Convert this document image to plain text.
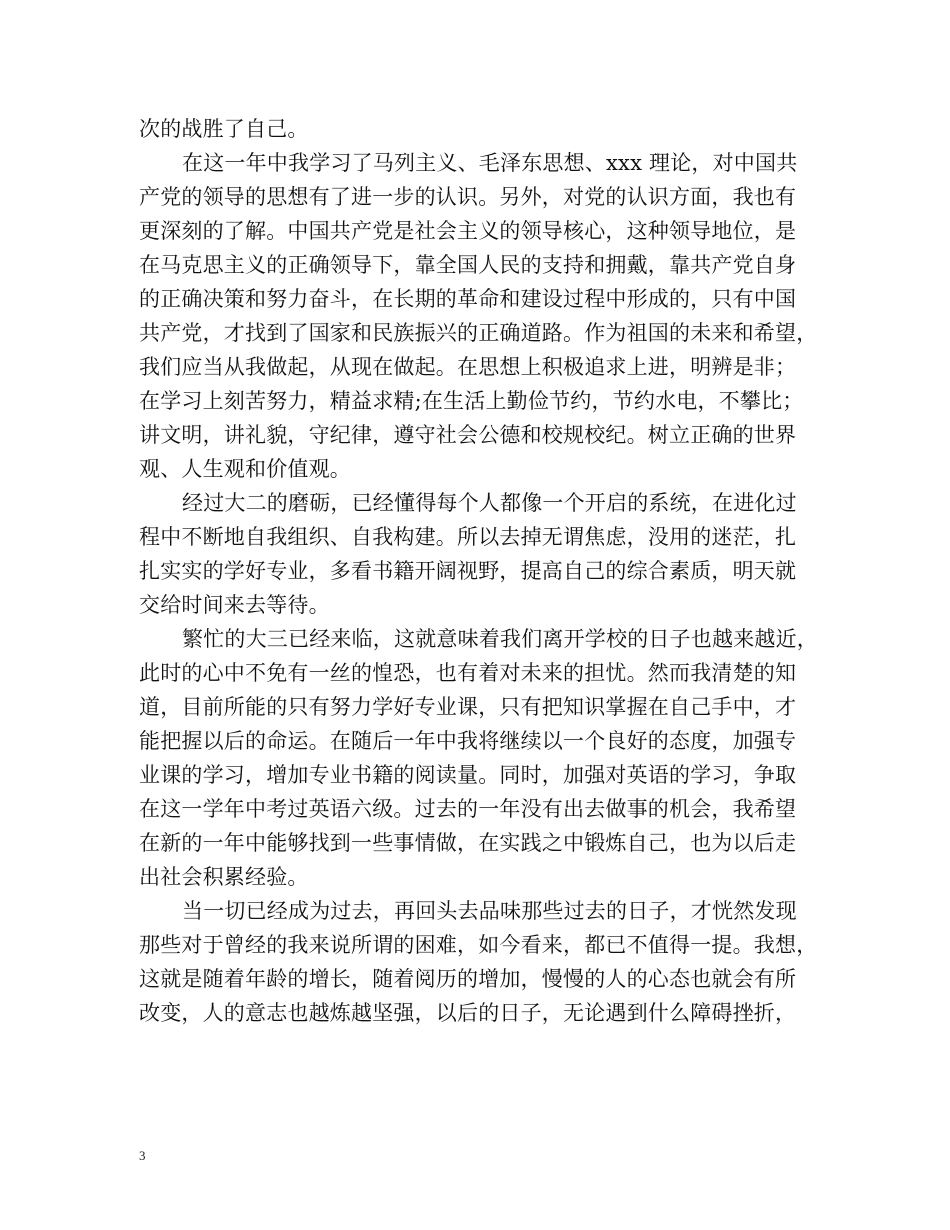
次的战胜了自己。
在这一年中我学习了马列主义、毛泽东思想、xxx 理论，对中国共
产党的领导的思想有了进一步的认识。另外，对党的认识方面，我也有
更深刻的了解。中国共产党是社会主义的领导核心，这种领导地位，是
在马克思主义的正确领导下，靠全国人民的支持和拥戴，靠共产党自身
的正确决策和努力奋斗，在长期的革命和建设过程中形成的，只有中国
共产党，才找到了国家和民族振兴的正确道路。作为祖国的未来和希望，
我们应当从我做起，从现在做起。在思想上积极追求上进，明辨是非；
在学习上刻苦努力，精益求精;在生活上勤俭节约，节约水电，不攀比；
讲文明，讲礼貌，守纪律，遵守社会公德和校规校纪。树立正确的世界
观、人生观和价值观。
经过大二的磨砺，已经懂得每个人都像一个开启的系统，在进化过
程中不断地自我组织、自我构建。所以去掉无谓焦虑，没用的迷茫，扎
扎实实的学好专业，多看书籍开阔视野，提高自己的综合素质，明天就
交给时间来去等待。
繁忙的大三已经来临，这就意味着我们离开学校的日子也越来越近，
此时的心中不免有一丝的惶恐，也有着对未来的担忧。然而我清楚的知
道，目前所能的只有努力学好专业课，只有把知识掌握在自己手中，才
能把握以后的命运。在随后一年中我将继续以一个良好的态度，加强专
业课的学习，增加专业书籍的阅读量。同时，加强对英语的学习，争取
在这一学年中考过英语六级。过去的一年没有出去做事的机会，我希望
在新的一年中能够找到一些事情做，在实践之中锻炼自己，也为以后走
出社会积累经验。
当一切已经成为过去，再回头去品味那些过去的日子，才恍然发现
那些对于曾经的我来说所谓的困难，如今看来，都已不值得一提。我想，
这就是随着年龄的增长，随着阅历的增加，慢慢的人的心态也就会有所
改变，人的意志也越炼越坚强，以后的日子，无论遇到什么障碍挫折，
3
